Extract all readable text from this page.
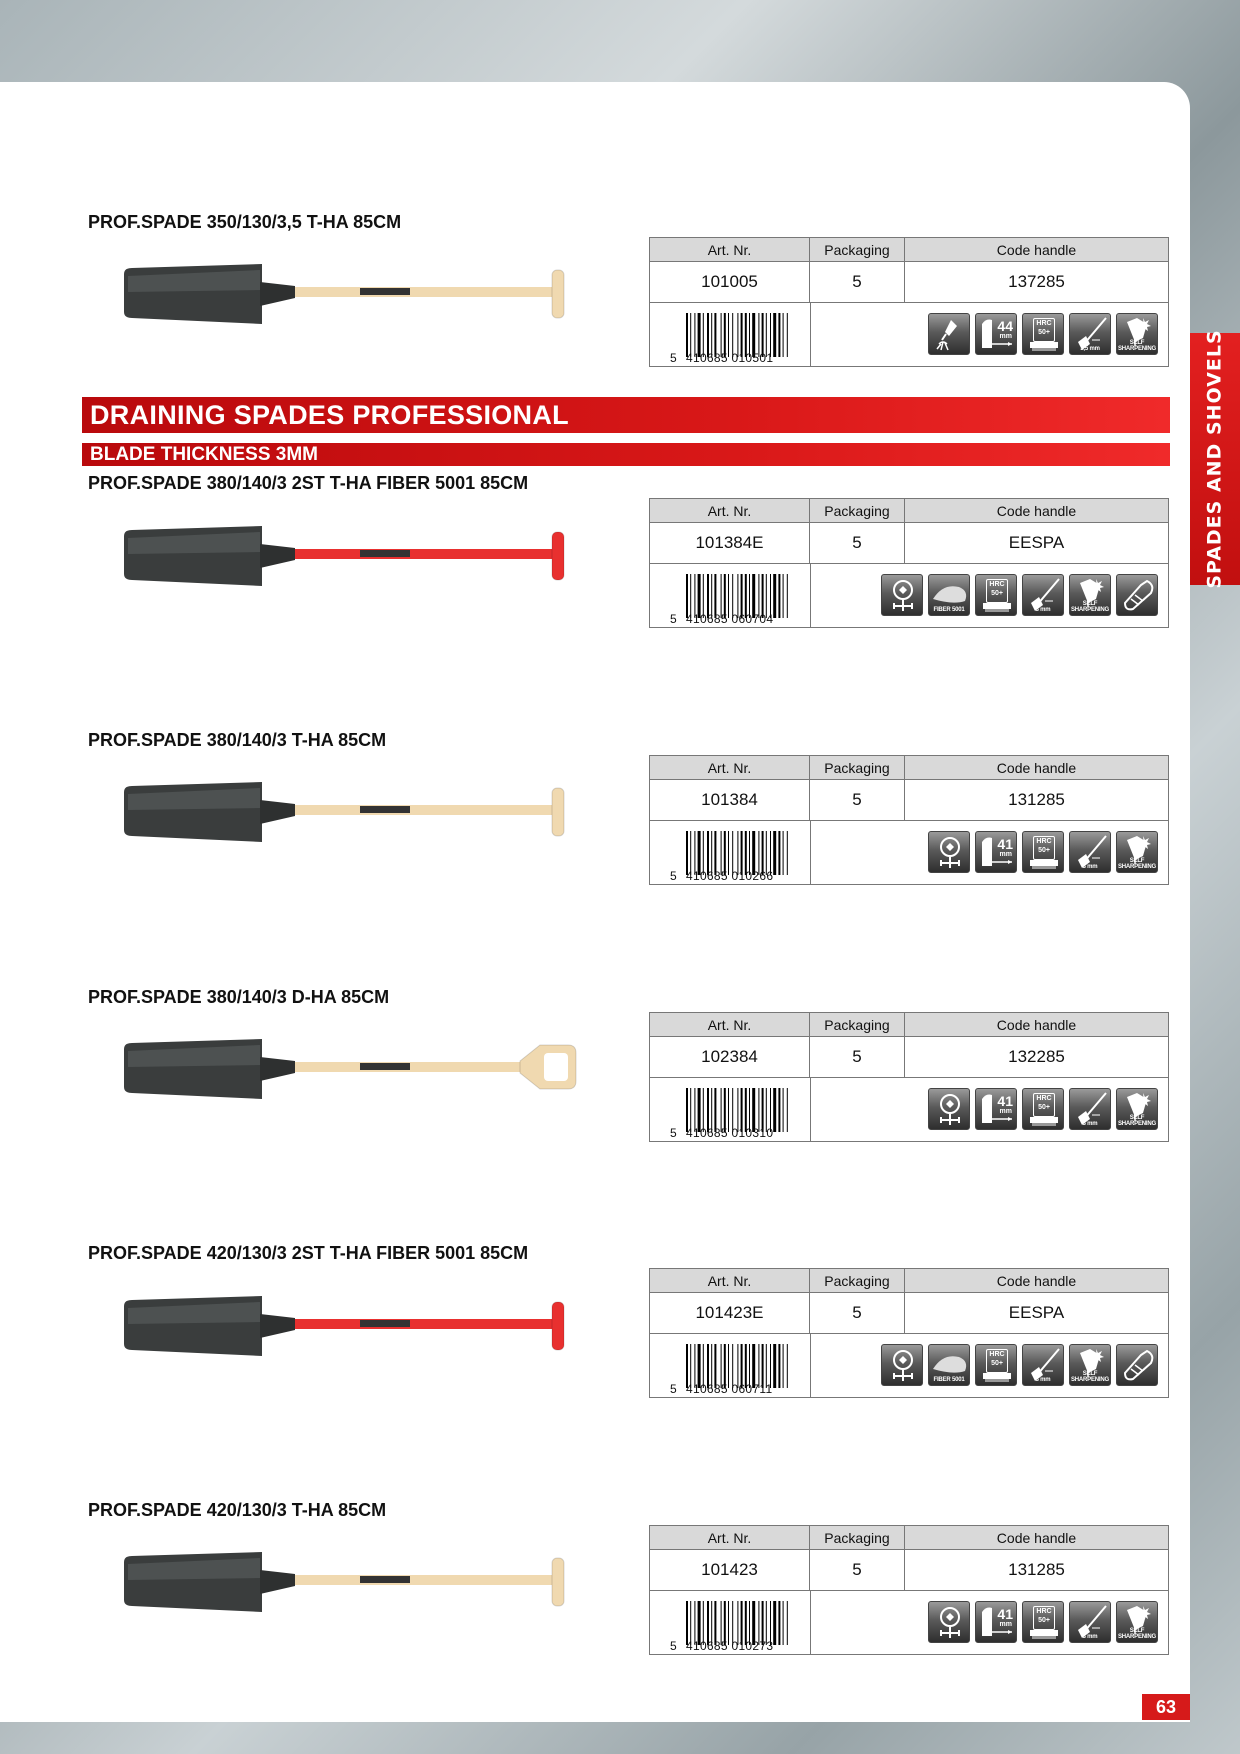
SPADES AND SHOVELS
DRAINING SPADES PROFESSIONAL
BLADE THICKNESS 3MM
PROF.SPADE 350/130/3,5 T-HA 85CM
Art. Nr.	Packaging	Code handle
101005	5	137285
5 410685 010501
44
mm
HRC 50+
3,5 mm
SELF SHARPENING
PROF.SPADE 380/140/3 2ST T-HA FIBER 5001 85CM
Art. Nr.	Packaging	Code handle
101384E	5	EESPA
5 410685 060704
FIBER 5001
HRC 50+
3 mm
SELF SHARPENING
PROF.SPADE 380/140/3 T-HA 85CM
Art. Nr.	Packaging	Code handle
101384	5	131285
5 410685 010266
41
mm
HRC 50+
3 mm
SELF SHARPENING
PROF.SPADE 380/140/3 D-HA 85CM
Art. Nr.	Packaging	Code handle
102384	5	132285
5 410685 010310
41
mm
HRC 50+
3 mm
SELF SHARPENING
PROF.SPADE 420/130/3 2ST T-HA FIBER 5001 85CM
Art. Nr.	Packaging	Code handle
101423E	5	EESPA
5 410685 060711
FIBER 5001
HRC 50+
3 mm
SELF SHARPENING
PROF.SPADE 420/130/3 T-HA 85CM
Art. Nr.	Packaging	Code handle
101423	5	131285
5 410685 010273
41
mm
HRC 50+
3 mm
SELF SHARPENING
63
